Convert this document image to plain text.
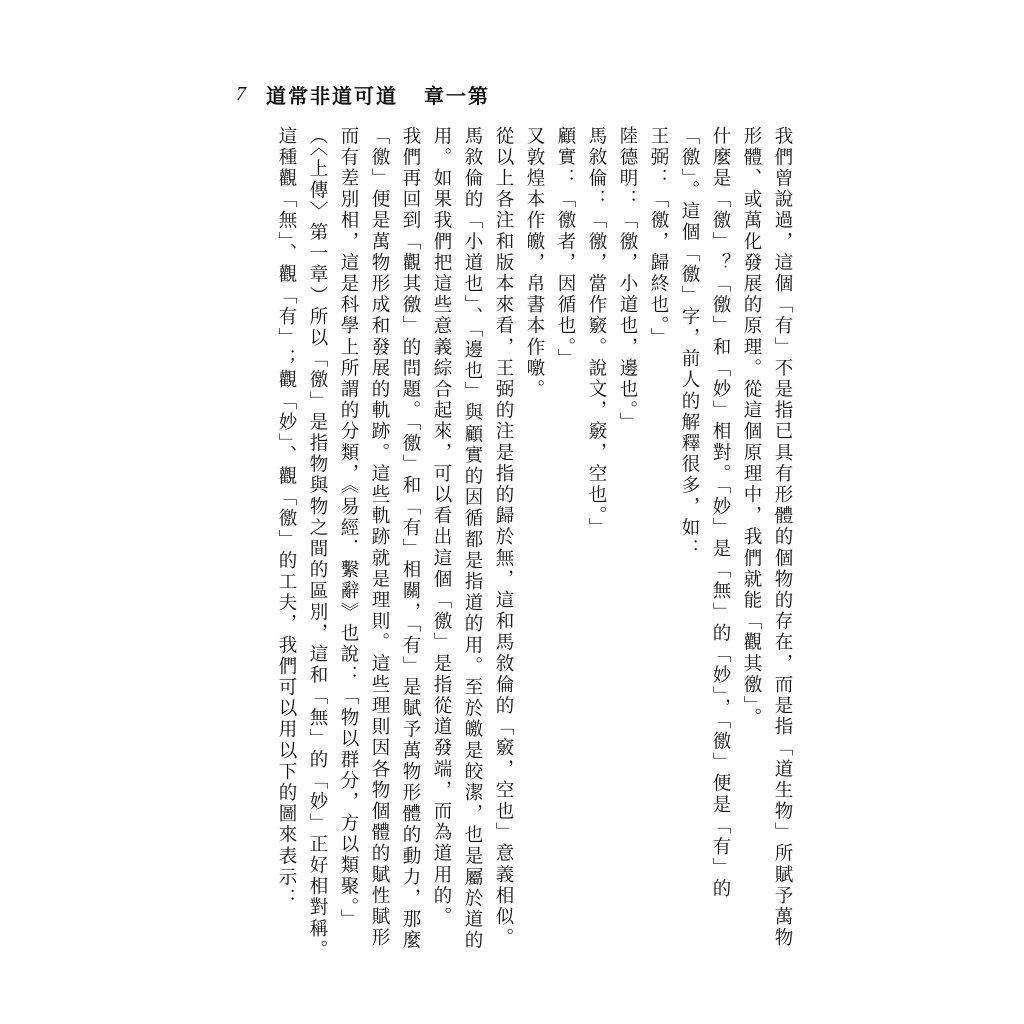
7 道常非道可道 章一第

我們曾說過，這個「有」不是指已具有形體的個物的存在，而是指「道生物」所賦予萬物形體、或萬化發展的原理。從這個原理中，我們就能「觀其徼」。

什麼是「徼」？「徼」和「妙」相對。「妙」是「無」的「妙」，「徼」便是「有」的「徼」。這個「徼」字，前人的解釋很多，如：

王弼：「徼，歸終也。」

陸德明：「徼，小道也，邊也。」

馬敘倫：「徼，當作竅。說文，竅，空也。」

顧實：「徼者，因循也。」

又敦煌本作皦，帛書本作噭。

從以上各注和版本來看，王弼的注是指的歸於無，這和馬敘倫的「竅，空也」意義相似。馬敘倫的「小道也」、「邊也」與顧實的因循都是指道的用。至於皦是皎潔，也是屬於道的用。如果我們把這些意義綜合起來，可以看出這個「徼」是指從道發端，而為道用的。

我們再回到「觀其徼」的問題。「徼」和「有」相關，「有」是賦予萬物形體的動力，那麼「徼」便是萬物形成和發展的軌跡。這些軌跡就是理則。這些理則因各物個體的賦性賦形而有差別相，這是科學上所謂的分類，《易經．繫辭》也說：「物以群分，方以類聚。」（〈上傳〉第一章）所以「徼」是指物與物之間的區別，這和「無」的「妙」正好相對稱。這種觀「無」、觀「有」；觀「妙」、觀「徼」的工夫，我們可以用以下的圖來表示：
